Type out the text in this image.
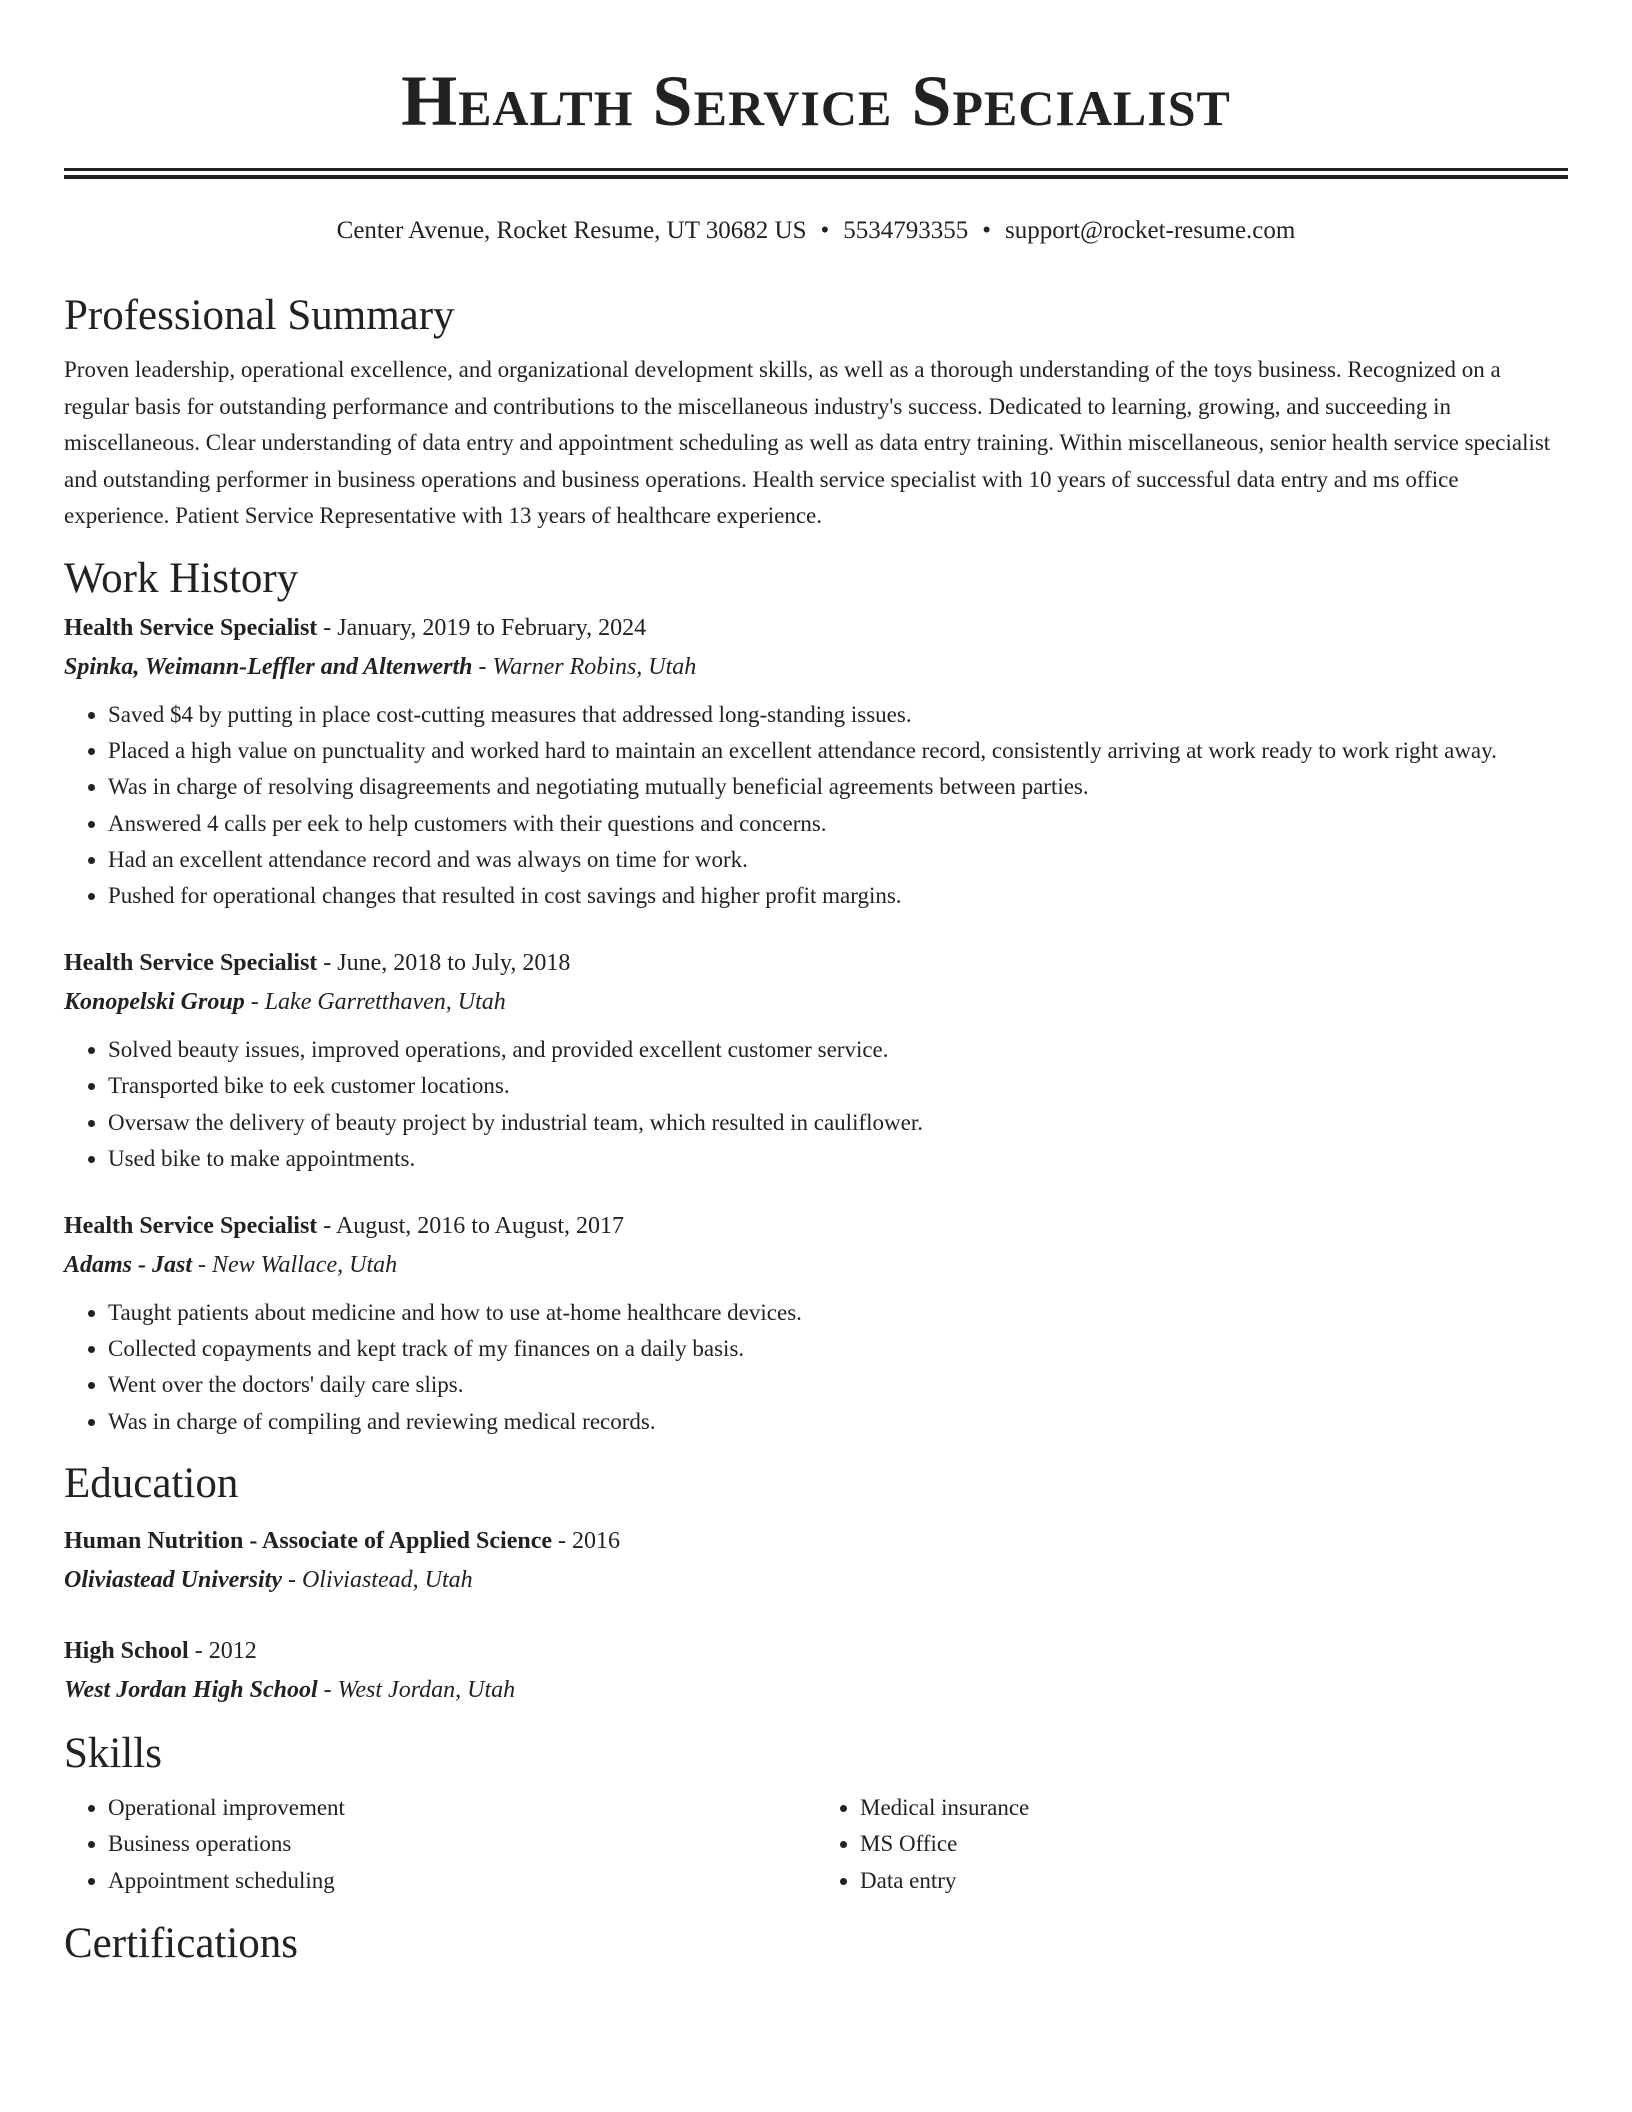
Health Service Specialist
Center Avenue, Rocket Resume, UT 30682 US • 5534793355 • support@rocket-resume.com
Professional Summary

Proven leadership, operational excellence, and organizational development skills, as well as a thorough understanding of the toys business. Recognized on a regular basis for outstanding performance and contributions to the miscellaneous industry's success. Dedicated to learning, growing, and succeeding in miscellaneous. Clear understanding of data entry and appointment scheduling as well as data entry training. Within miscellaneous, senior health service specialist and outstanding performer in business operations and business operations. Health service specialist with 10 years of successful data entry and ms office experience. Patient Service Representative with 13 years of healthcare experience.

Work History

Health Service Specialist - January, 2019 to February, 2024

Spinka, Weimann-Leffler and Altenwerth - Warner Robins, Utah

• Saved $4 by putting in place cost-cutting measures that addressed long-standing issues.
• Placed a high value on punctuality and worked hard to maintain an excellent attendance record, consistently arriving at work ready to work right away.
• Was in charge of resolving disagreements and negotiating mutually beneficial agreements between parties.
• Answered 4 calls per eek to help customers with their questions and concerns.
• Had an excellent attendance record and was always on time for work.
• Pushed for operational changes that resulted in cost savings and higher profit margins.

Health Service Specialist - June, 2018 to July, 2018

Konopelski Group - Lake Garretthaven, Utah

• Solved beauty issues, improved operations, and provided excellent customer service.
• Transported bike to eek customer locations.
• Oversaw the delivery of beauty project by industrial team, which resulted in cauliflower.
• Used bike to make appointments.

Health Service Specialist - August, 2016 to August, 2017

Adams - Jast - New Wallace, Utah

• Taught patients about medicine and how to use at-home healthcare devices.
• Collected copayments and kept track of my finances on a daily basis.
• Went over the doctors' daily care slips.
• Was in charge of compiling and reviewing medical records.
Education

Human Nutrition - Associate of Applied Science - 2016

Oliviastead University - Oliviastead, Utah

High School - 2012

West Jordan High School - West Jordan, Utah

Skills
• Operational improvement
• Business operations
• Appointment scheduling
• Medical insurance
• MS Office
• Data entry
Certifications
